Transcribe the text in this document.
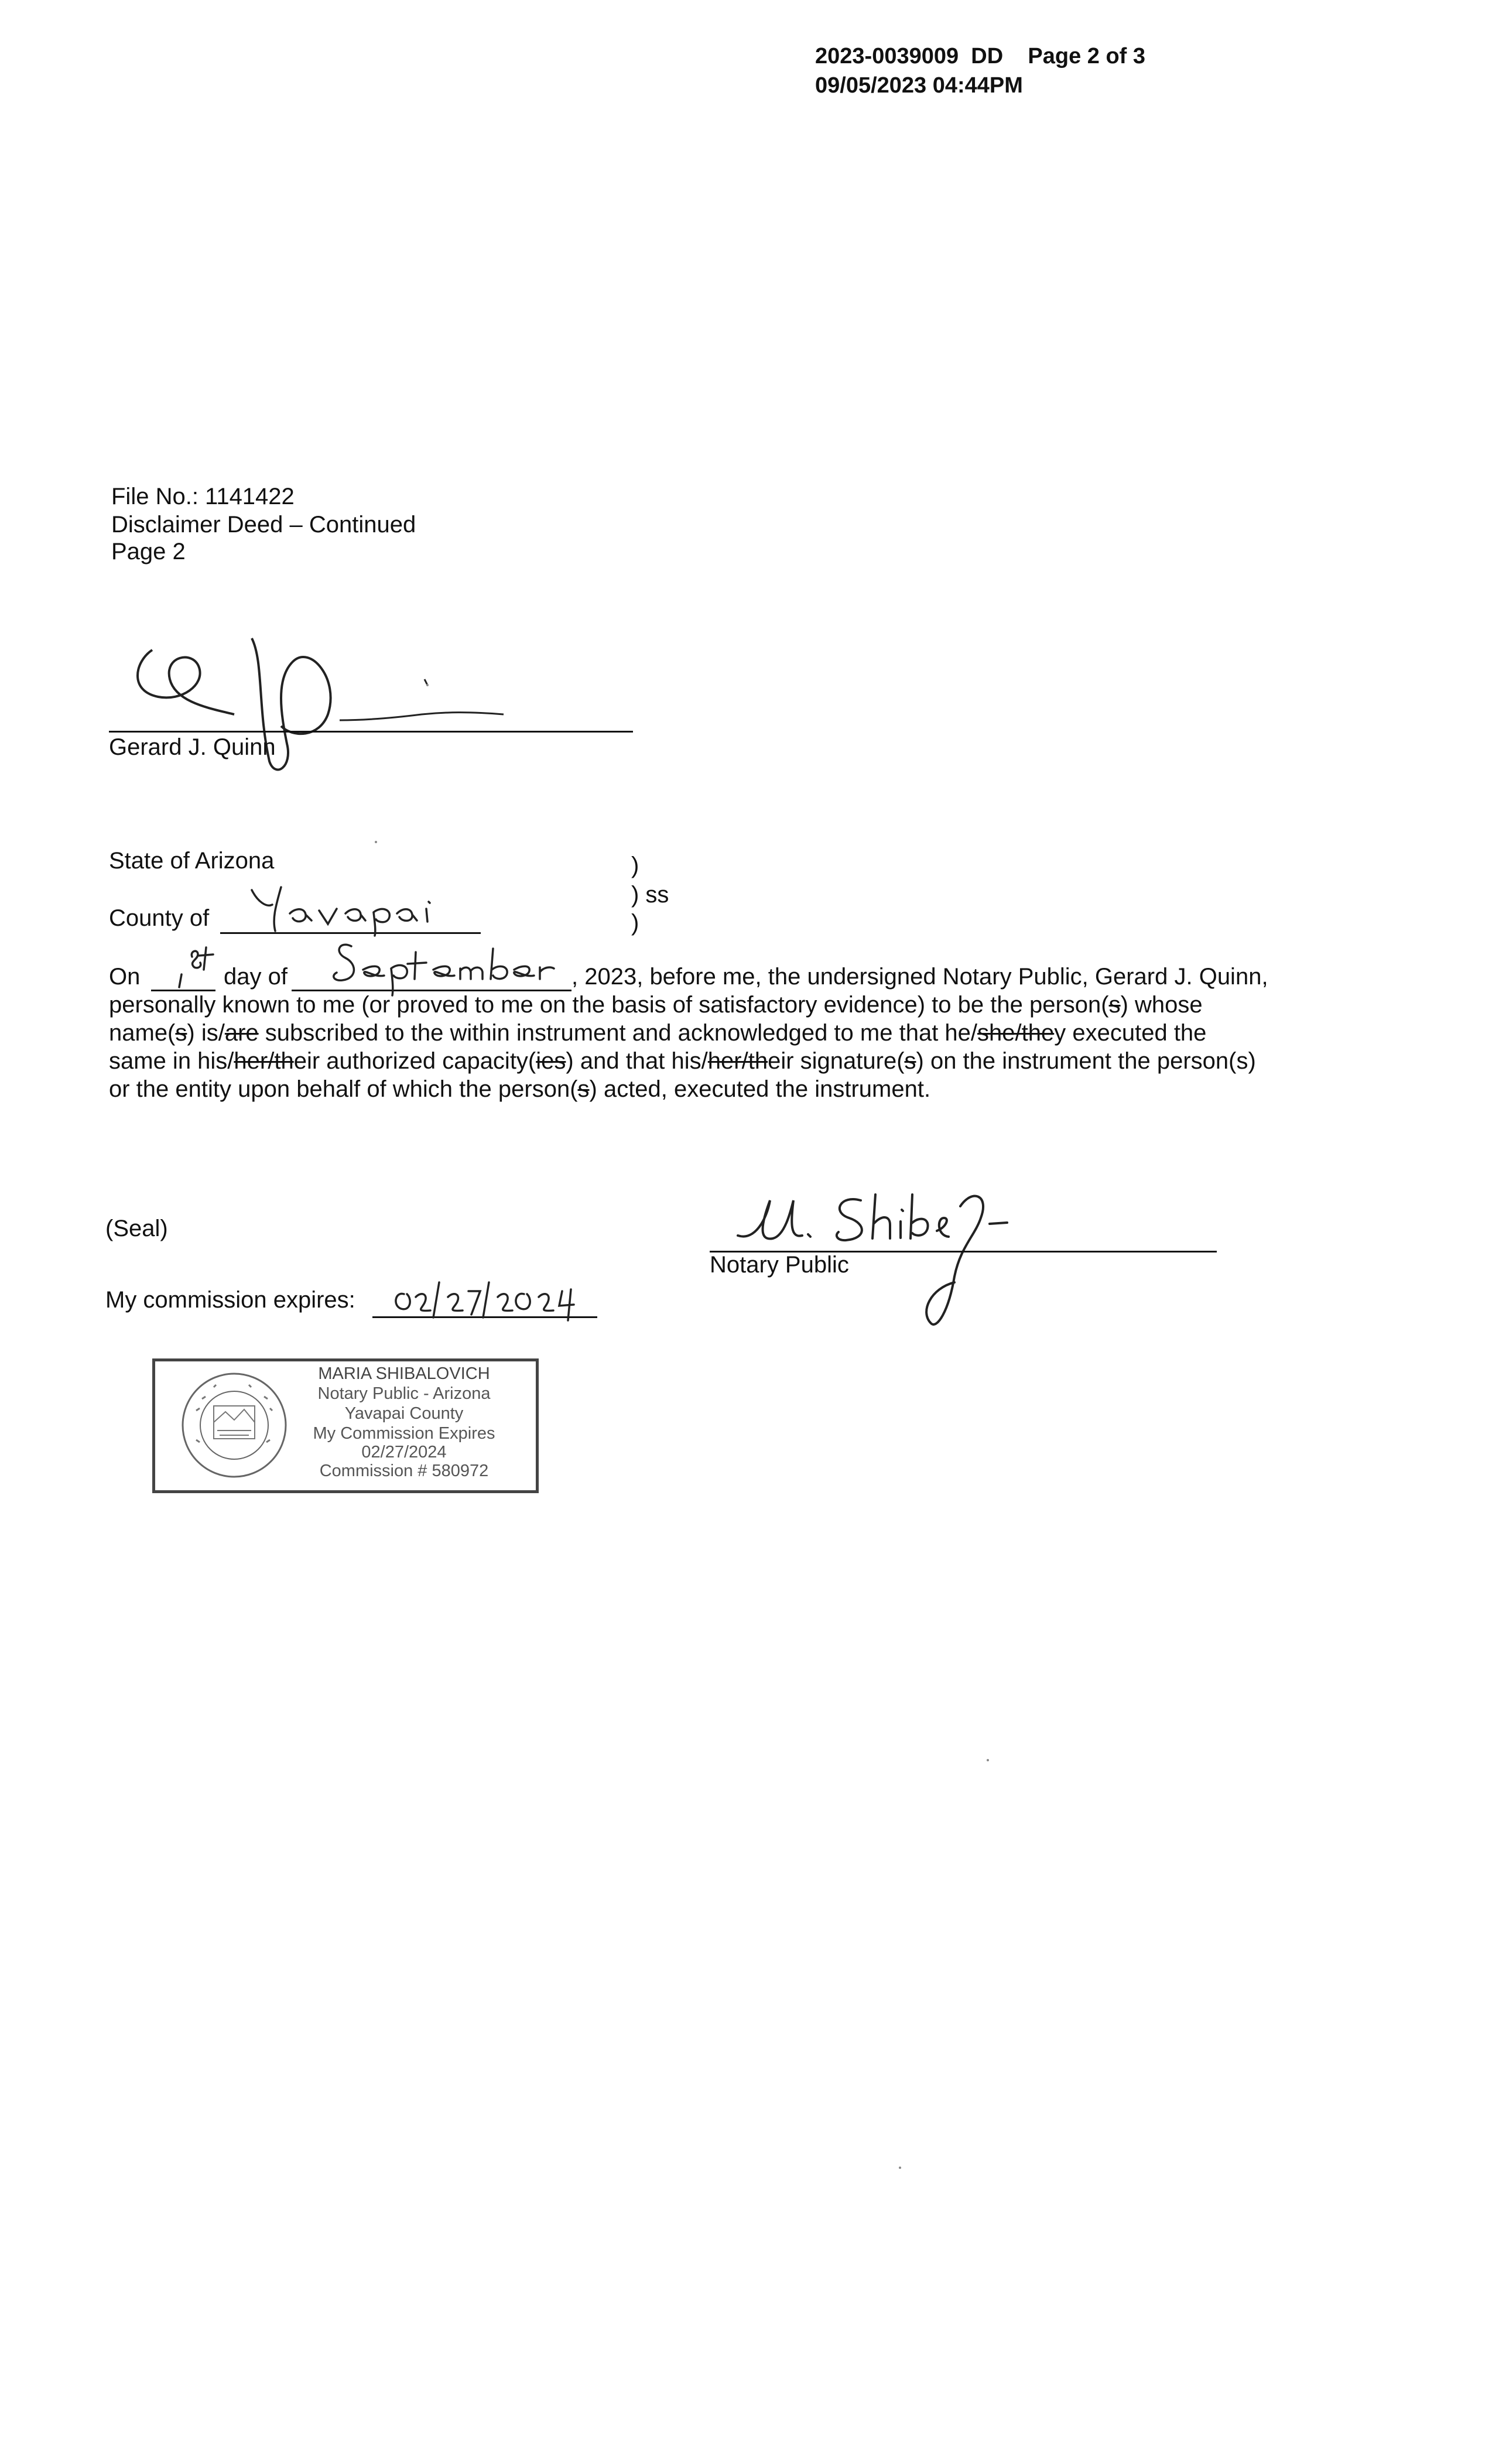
2023-0039009 DD Page 2 of 3
09/05/2023 04:44PM
File No.: 1141422
Disclaimer Deed – Continued
Page 2
Gerard J. Quinn
State of Arizona	)
) ss
)
County of
On	day of	, 2023, before me, the undersigned Notary Public, Gerard J. Quinn,
personally known to me (or proved to me on the basis of satisfactory evidence) to be the person(s) whose
name(s) is/are subscribed to the within instrument and acknowledged to me that he/she/they executed the
same in his/her/their authorized capacity(ies) and that his/her/their signature(s) on the instrument the person(s)
or the entity upon behalf of which the person(s) acted, executed the instrument.
(Seal)
Notary Public
My commission expires:
MARIA SHIBALOVICH
Notary Public - Arizona
Yavapai County
My Commission Expires
02/27/2024
Commission # 580972
